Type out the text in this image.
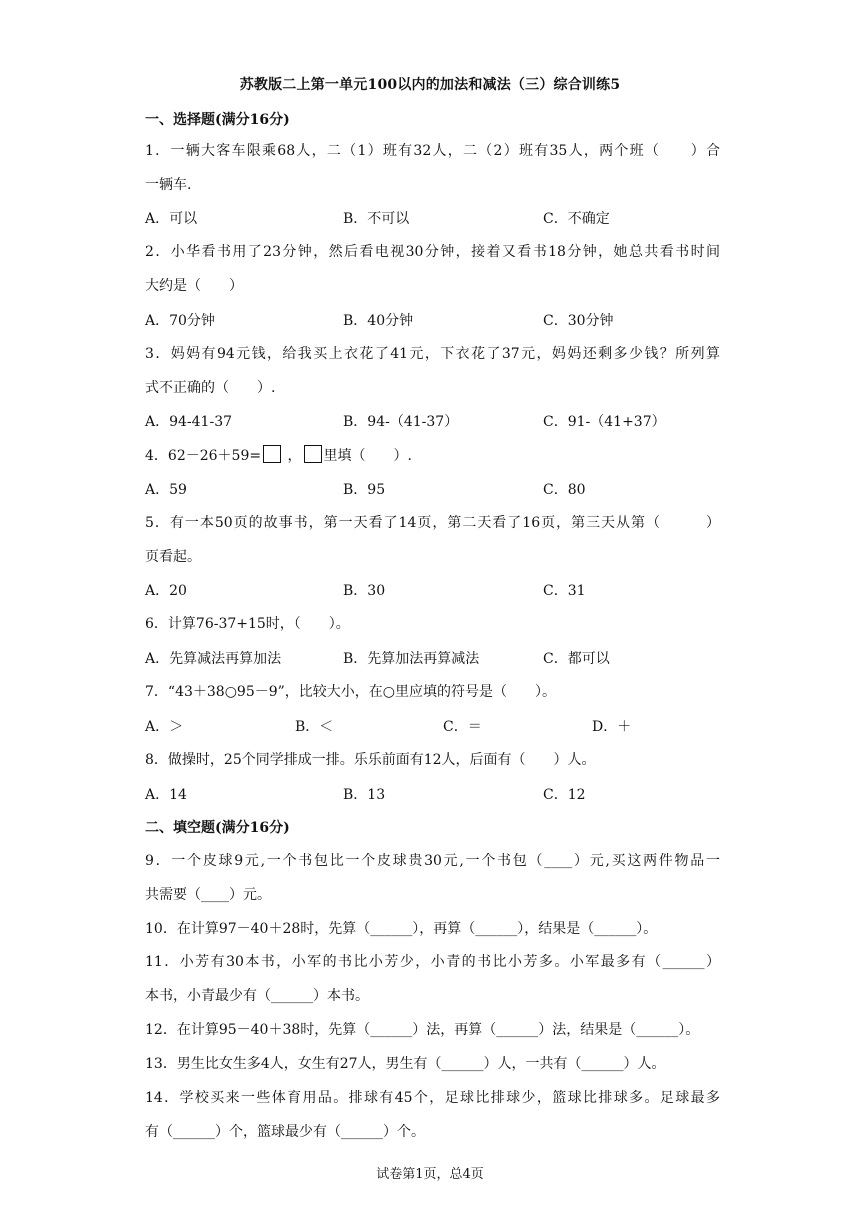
苏教版二上第一单元100以内的加法和减法（三）综合训练5
一、选择题(满分16分)
1．一辆大客车限乘68人，二（1）班有32人，二（2）班有35人，两个班（　　）合
一辆车.
A．可以	B．不可以	C．不确定
2．小华看书用了23分钟，然后看电视30分钟，接着又看书18分钟，她总共看书时间
大约是（　　）
A．70分钟	B．40分钟	C．30分钟
3．妈妈有94元钱，给我买上衣花了41元，下衣花了37元，妈妈还剩多少钱？所列算
式不正确的（　　）.
A．94-41-37	B．94-（41-37）	C．91-（41+37）
4．62－26＋59= ， 里填（　　）.
A．59	B．95	C．80
5．有一本50页的故事书，第一天看了14页，第二天看了16页，第三天从第（　　　）
页看起。
A．20	B．30	C．31
6．计算76-37+15时，（　　）。
A．先算减法再算加法	B．先算加法再算减法	C．都可以
7．“43＋38○95－9”，比较大小，在○里应填的符号是（　　）。
A．＞	B．＜	C．＝	D．＋
8．做操时，25个同学排成一排。乐乐前面有12人，后面有（　　）人。
A．14	B．13	C．12
二、填空题(满分16分)
9．一个皮球9元,一个书包比一个皮球贵30元,一个书包（____）元,买这两件物品一
共需要（____）元。
10．在计算97－40＋28时，先算（______），再算（______），结果是（______）。
11．小芳有30本书，小军的书比小芳少，小青的书比小芳多。小军最多有（______）
本书，小青最少有（______）本书。
12．在计算95－40＋38时，先算（______）法，再算（______）法，结果是（______）。
13．男生比女生多4人，女生有27人，男生有（______）人，一共有（______）人。
14．学校买来一些体育用品。排球有45个，足球比排球少，篮球比排球多。足球最多
有（______）个，篮球最少有（______）个。
试卷第1页，总4页
